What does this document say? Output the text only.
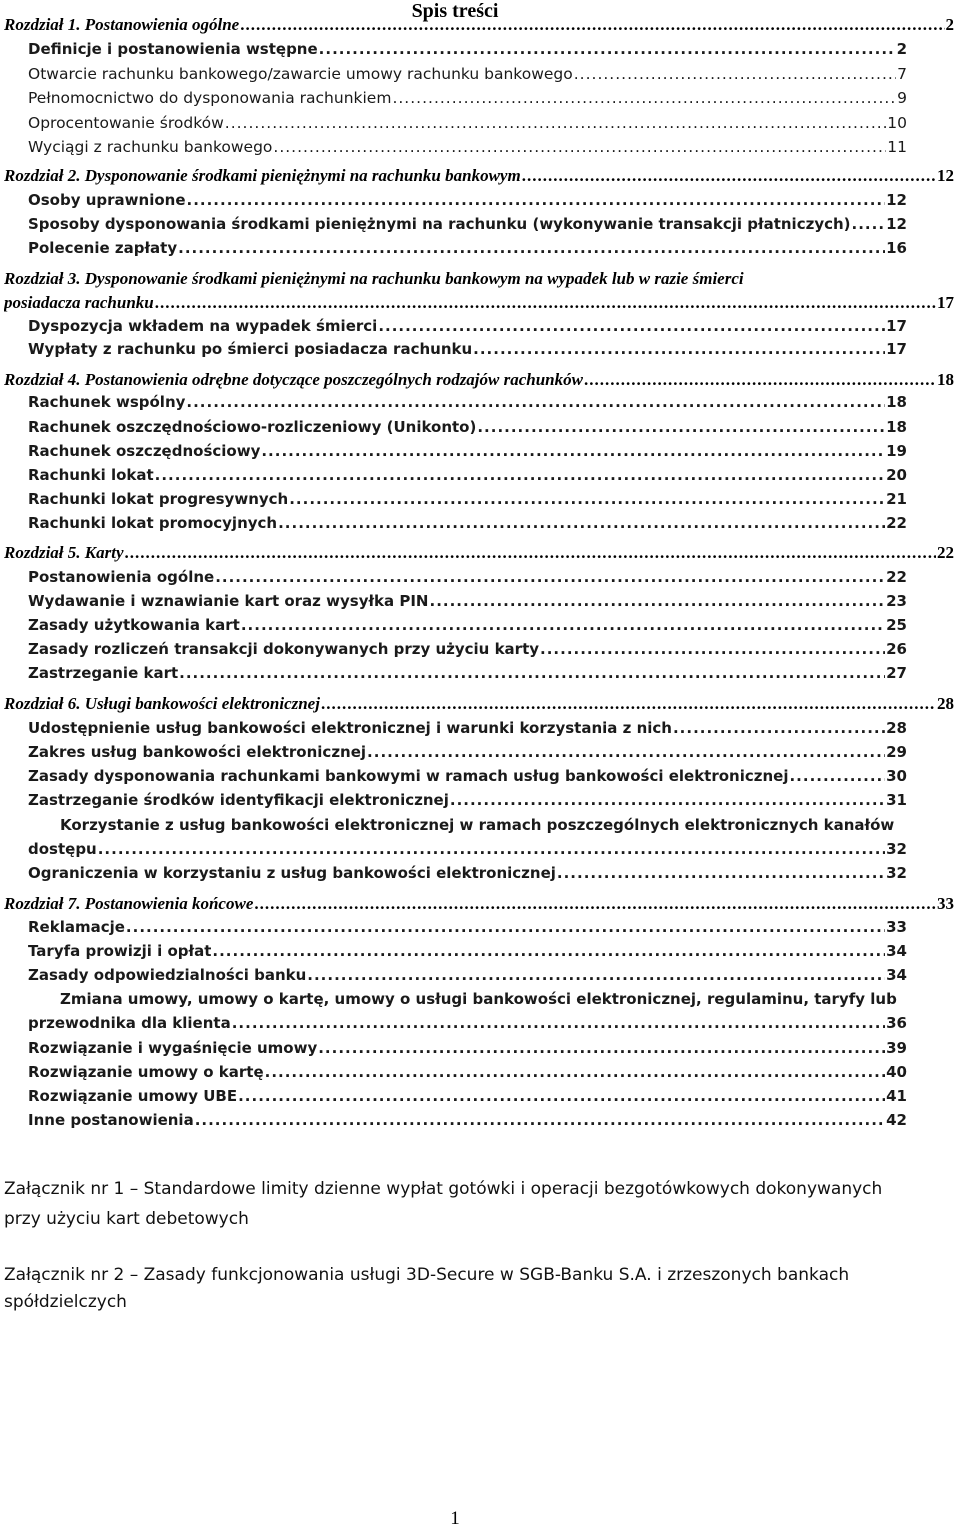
Spis treści
Rozdział 1. Postanowienia ogólne .....	2
Definicje i postanowienia wstępne .....	2
Otwarcie rachunku bankowego/zawarcie umowy rachunku bankowego .....	7
Pełnomocnictwo do dysponowania rachunkiem .....	9
Oprocentowanie środków .....	10
Wyciągi z rachunku bankowego .....	11
Rozdział 2. Dysponowanie środkami pieniężnymi na rachunku bankowym .....	12
Osoby uprawnione .....	12
Sposoby dysponowania środkami pieniężnymi na rachunku (wykonywanie transakcji płatniczych) ..... 12
Polecenie zapłaty .....	16
Rozdział 3. Dysponowanie środkami pieniężnymi na rachunku bankowym na wypadek lub w razie śmierci
posiadacza rachunku .....	17
Dyspozycja wkładem na wypadek śmierci .....	17
Wypłaty z rachunku po śmierci posiadacza rachunku .....	17
Rozdział 4. Postanowienia odrębne dotyczące poszczególnych rodzajów rachunków .....	18
Rachunek wspólny .....	18
Rachunek oszczędnościowo-rozliczeniowy (Unikonto) .....	18
Rachunek oszczędnościowy .....	19
Rachunki lokat .....	20
Rachunki lokat progresywnych .....	21
Rachunki lokat promocyjnych .....	22
Rozdział 5. Karty .....	22
Postanowienia ogólne .....	22
Wydawanie i wznawianie kart oraz wysyłka PIN .....	23
Zasady użytkowania kart .....	25
Zasady rozliczeń transakcji dokonywanych przy użyciu karty .....	26
Zastrzeganie kart .....	27
Rozdział 6. Usługi bankowości elektronicznej .....	28
Udostępnienie usług bankowości elektronicznej i warunki korzystania z nich .....	28
Zakres usług bankowości elektronicznej .....	29
Zasady dysponowania rachunkami bankowymi w ramach usług bankowości elektronicznej .....	30
Zastrzeganie środków identyfikacji elektronicznej .....	31
Korzystanie z usług bankowości elektronicznej w ramach poszczególnych elektronicznych kanałów
dostępu .....	32
Ograniczenia w korzystaniu z usług bankowości elektronicznej .....	32
Rozdział 7. Postanowienia końcowe .....	33
Reklamacje .....	33
Taryfa prowizji i opłat .....	34
Zasady odpowiedzialności banku .....	34
Zmiana umowy, umowy o kartę, umowy o usługi bankowości elektronicznej, regulaminu, taryfy lub
przewodnika dla klienta .....	36
Rozwiązanie i wygaśnięcie umowy .....	39
Rozwiązanie umowy o kartę .....	40
Rozwiązanie umowy UBE .....	41
Inne postanowienia .....	42
Załącznik nr 1 – Standardowe limity dzienne wypłat gotówki i operacji bezgotówkowych dokonywanych przy użyciu kart debetowych
Załącznik nr 2 – Zasady funkcjonowania usługi 3D-Secure w SGB-Banku S.A. i zrzeszonych bankach spółdzielczych
1
